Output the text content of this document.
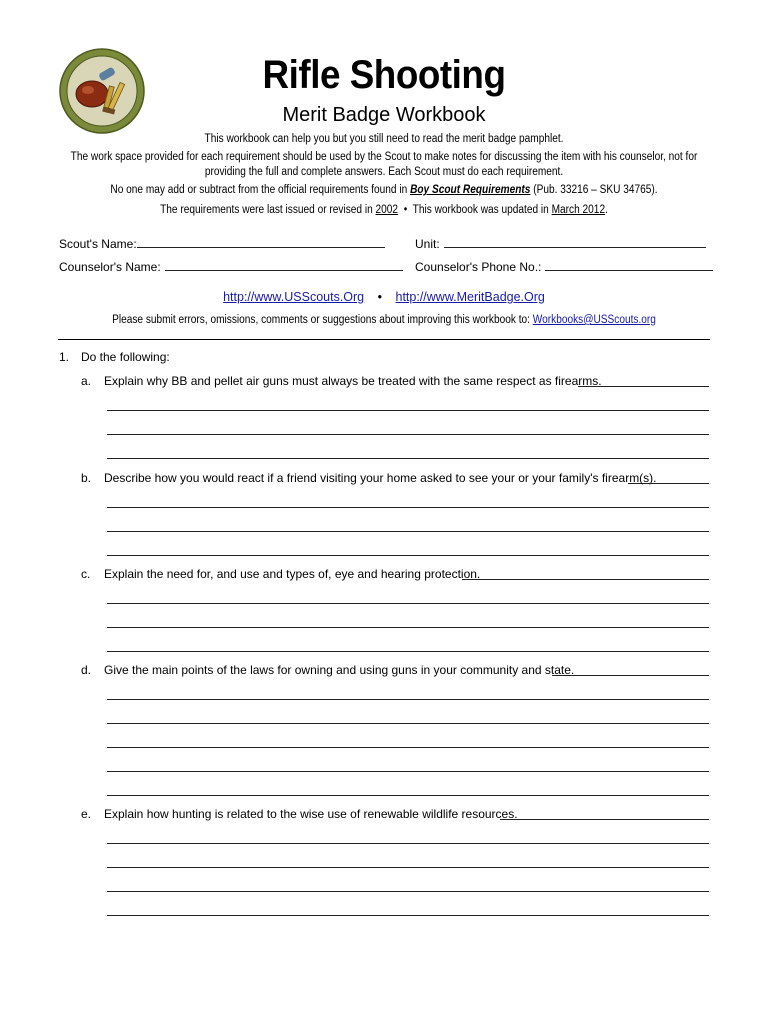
Rifle Shooting
Merit Badge Workbook
This workbook can help you but you still need to read the merit badge pamphlet.
The work space provided for each requirement should be used by the Scout to make notes for discussing the item with his counselor, not for
providing the full and complete answers. Each Scout must do each requirement.
No one may add or subtract from the official requirements found in Boy Scout Requirements (Pub. 33216 – SKU 34765).
The requirements were last issued or revised in 2002  •  This workbook was updated in March 2012.
Scout's Name:	Unit:
Counselor's Name:	Counselor's Phone No.:
http://www.USScouts.Org • http://www.MeritBadge.Org
Please submit errors, omissions, comments or suggestions about improving this workbook to: Workbooks@USScouts.org
1. Do the following:
a. Explain why BB and pellet air guns must always be treated with the same respect as firearms.
b. Describe how you would react if a friend visiting your home asked to see your or your family's firearm(s).
c. Explain the need for, and use and types of, eye and hearing protection.
d. Give the main points of the laws for owning and using guns in your community and state.
e. Explain how hunting is related to the wise use of renewable wildlife resources.
